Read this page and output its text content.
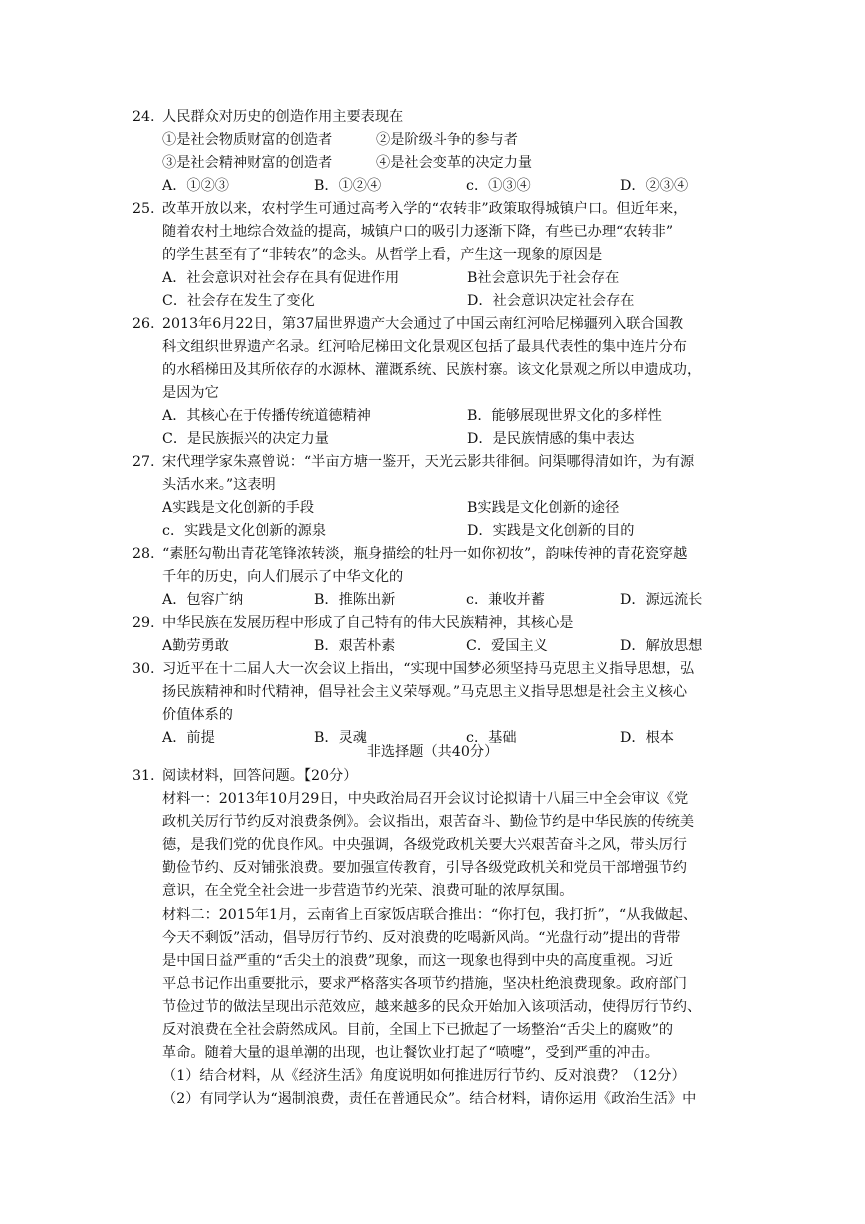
24. 人民群众对历史的创造作用主要表现在
①是社会物质财富的创造者	②是阶级斗争的参与者
③是社会精神财富的创造者	④是社会变革的决定力量
A．①②③	B．①②④	c．①③④	D．②③④
25. 改革开放以来，农村学生可通过高考入学的“农转非”政策取得城镇户口。但近年来，
随着农村土地综合效益的提高，城镇户口的吸引力逐渐下降，有些已办理“农转非”
的学生甚至有了“非转农”的念头。从哲学上看，产生这一现象的原因是
A．社会意识对社会存在具有促进作用	B社会意识先于社会存在
C．社会存在发生了变化	D．社会意识决定社会存在
26. 2013年6月22日，第37届世界遗产大会通过了中国云南红河哈尼梯疆列入联合国教
科文组织世界遗产名录。红河哈尼梯田文化景观区包括了最具代表性的集中连片分布
的水稻梯田及其所依存的水源林、灌溉系统、民族村寨。该文化景观之所以申遗成功，
是因为它
A．其核心在于传播传统道德精神	B．能够展现世界文化的多样性
C．是民族振兴的决定力量	D．是民族情感的集中表达
27. 宋代理学家朱熹曾说：“半亩方塘一鉴开，天光云影共徘徊。问渠哪得清如许，为有源
头活水来。”这表明
A实践是文化创新的手段	B实践是文化创新的途径
c．实践是文化创新的源泉	D．实践是文化创新的目的
28. “素胚勾勒出青花笔锋浓转淡，瓶身描绘的牡丹一如你初妆”，韵味传神的青花瓷穿越
千年的历史，向人们展示了中华文化的
A．包容广纳	B．推陈出新	c．兼收并蓄	D．源远流长
29. 中华民族在发展历程中形成了自己特有的伟大民族精神，其核心是
A勤劳勇敢	B．艰苦朴素	C．爱国主义	D．解放思想
30. 习近平在十二届人大一次会议上指出，“实现中国梦必须坚持马克思主义指导思想，弘
扬民族精神和时代精神，倡导社会主义荣辱观。”马克思主义指导思想是社会主义核心
价值体系的
A．前提	B．灵魂	c．基础	D．根本
非选择题（共40分）
31. 阅读材料，回答问题。【20分）
材料一：2013年10月29日，中央政治局召开会议讨论拟请十八届三中全会审议《党
政机关厉行节约反对浪费条例》。会议指出，艰苦奋斗、勤俭节约是中华民族的传统美
德，是我们党的优良作风。中央强调，各级党政机关要大兴艰苦奋斗之风，带头厉行
勤俭节约、反对铺张浪费。要加强宣传教育，引导各级党政机关和党员干部增强节约
意识，在全党全社会进一步营造节约光荣、浪费可耻的浓厚氛围。
材料二：2015年1月，云南省上百家饭店联合推出：“你打包，我打折”，“从我做起、
今天不剩饭”活动，倡导厉行节约、反对浪费的吃喝新风尚。“光盘行动”提出的背带
是中国日益严重的“舌尖土的浪费”现象，而这一现象也得到中央的高度重视。习近
平总书记作出重要批示，要求严格落实各项节约措施，坚决杜绝浪费现象。政府部门
节俭过节的做法呈现出示范效应，越来越多的民众开始加入该项活动，使得厉行节约、
反对浪费在全社会蔚然成风。目前，全国上下已掀起了一场整治“舌尖上的腐败”的
革命。随着大量的退单潮的出现，也让餐饮业打起了“喷嚏”，受到严重的冲击。
（1）结合材料，从《经济生活》角度说明如何推进厉行节约、反对浪费？（12分）
（2）有同学认为“遏制浪费，责任在普通民众”。结合材料，请你运用《政治生活》中
